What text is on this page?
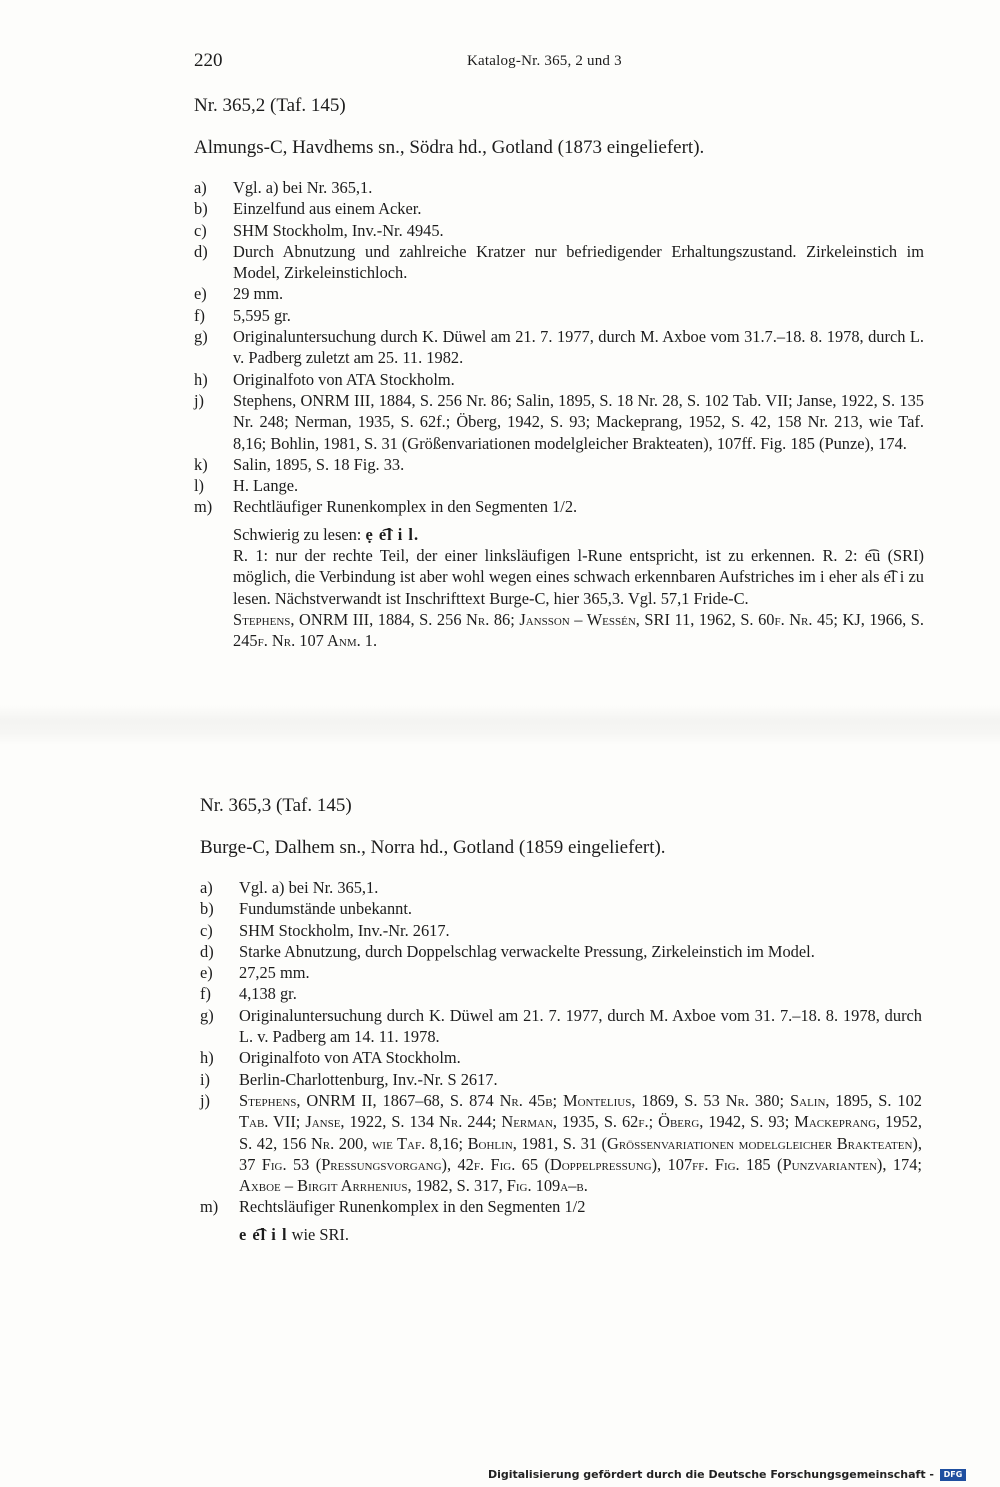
220	Katalog-Nr. 365, 2 und 3
Nr. 365,2 (Taf. 145)
Almungs-C, Havdhems sn., Södra hd., Gotland (1873 eingeliefert).
a)	Vgl. a) bei Nr. 365,1.
b)	Einzelfund aus einem Acker.
c)	SHM Stockholm, Inv.-Nr. 4945.
d)	Durch Abnutzung und zahlreiche Kratzer nur befriedigender Erhaltungszustand. Zirkeleinstich im Model, Zirkeleinstichloch.
e)	29 mm.
f)	5,595 gr.
g)	Originaluntersuchung durch K. Düwel am 21. 7. 1977, durch M. Axboe vom 31.7.–18. 8. 1978, durch L. v. Padberg zuletzt am 25. 11. 1982.
h)	Originalfoto von ATA Stockholm.
j)	Stephens, ONRM III, 1884, S. 256 Nr. 86; Salin, 1895, S. 18 Nr. 28, S. 102 Tab. VII; Janse, 1922, S. 135 Nr. 248; Nerman, 1935, S. 62f.; Öberg, 1942, S. 93; Mackeprang, 1952, S. 42, 158 Nr. 213, wie Taf. 8,16; Bohlin, 1981, S. 31 (Größenvariationen modelgleicher Brakteaten), 107ff. Fig. 185 (Punze), 174.
k)	Salin, 1895, S. 18 Fig. 33.
l)	H. Lange.
m)	Rechtläufiger Runenkomplex in den Segmenten 1/2.
Schwierig zu lesen: ẹ e͡l i l.
R. 1: nur der rechte Teil, der einer linksläufigen l-Rune entspricht, ist zu erkennen. R. 2: e͡u (SRI) möglich, die Verbindung ist aber wohl wegen eines schwach erkennbaren Aufstriches im i eher als e͡l i zu lesen. Nächstverwandt ist Inschrifttext Burge-C, hier 365,3. Vgl. 57,1 Fride-C.
Stephens, ONRM III, 1884, S. 256 Nr. 86; Jansson – Wessén, SRI 11, 1962, S. 60f. Nr. 45; KJ, 1966, S. 245f. Nr. 107 Anm. 1.
Nr. 365,3 (Taf. 145)
Burge-C, Dalhem sn., Norra hd., Gotland (1859 eingeliefert).
a)	Vgl. a) bei Nr. 365,1.
b)	Fundumstände unbekannt.
c)	SHM Stockholm, Inv.-Nr. 2617.
d)	Starke Abnutzung, durch Doppelschlag verwackelte Pressung, Zirkeleinstich im Model.
e)	27,25 mm.
f)	4,138 gr.
g)	Originaluntersuchung durch K. Düwel am 21. 7. 1977, durch M. Axboe vom 31. 7.–18. 8. 1978, durch L. v. Padberg am 14. 11. 1978.
h)	Originalfoto von ATA Stockholm.
i)	Berlin-Charlottenburg, Inv.-Nr. S 2617.
j)	Stephens, ONRM II, 1867–68, S. 874 Nr. 45b; Montelius, 1869, S. 53 Nr. 380; Salin, 1895, S. 102 Tab. VII; Janse, 1922, S. 134 Nr. 244; Nerman, 1935, S. 62f.; Öberg, 1942, S. 93; Mackeprang, 1952, S. 42, 156 Nr. 200, wie Taf. 8,16; Bohlin, 1981, S. 31 (Größenvariationen modelgleicher Brakteaten), 37 Fig. 53 (Pressungsvorgang), 42f. Fig. 65 (Doppelpressung), 107ff. Fig. 185 (Punzvarianten), 174; Axboe – Birgit Arrhenius, 1982, S. 317, Fig. 109a–b.
m)	Rechtsläufiger Runenkomplex in den Segmenten 1/2
e e͡l i l wie SRI.
Digitalisierung gefördert durch die Deutsche Forschungsgemeinschaft -	DFG
